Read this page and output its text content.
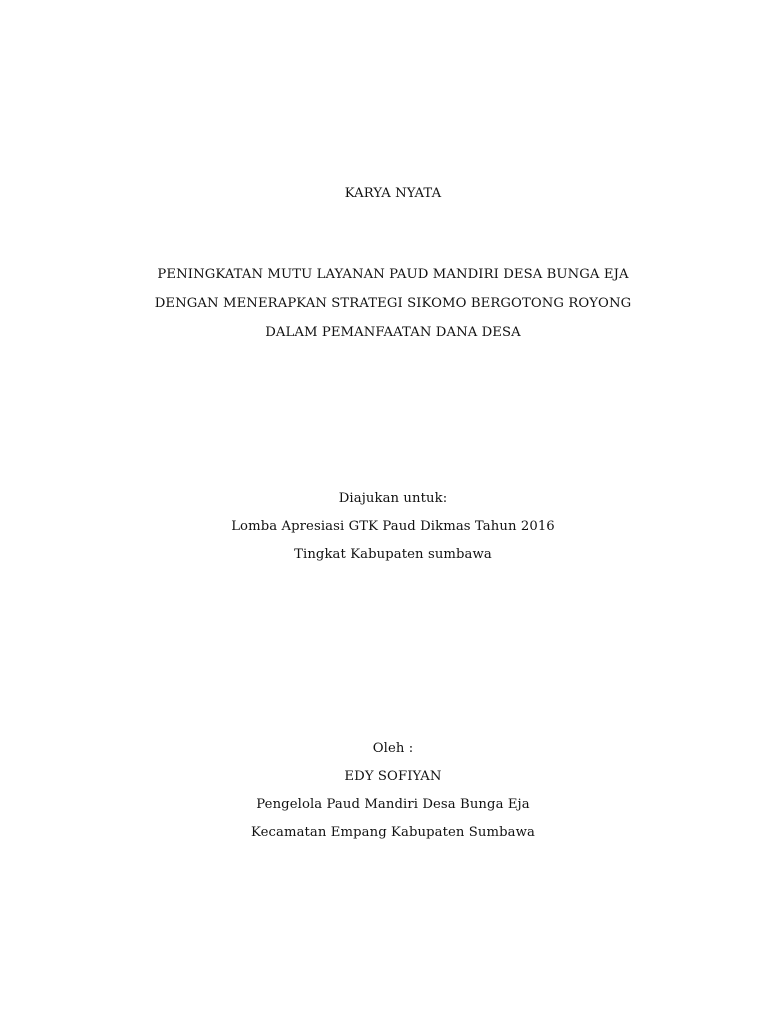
KARYA NYATA
PENINGKATAN MUTU LAYANAN PAUD MANDIRI DESA BUNGA EJA
DENGAN MENERAPKAN STRATEGI SIKOMO BERGOTONG ROYONG
DALAM PEMANFAATAN DANA DESA
Diajukan untuk:
Lomba Apresiasi GTK Paud Dikmas Tahun 2016
Tingkat Kabupaten sumbawa
Oleh :
EDY SOFIYAN
Pengelola Paud Mandiri Desa Bunga Eja
Kecamatan Empang Kabupaten Sumbawa
